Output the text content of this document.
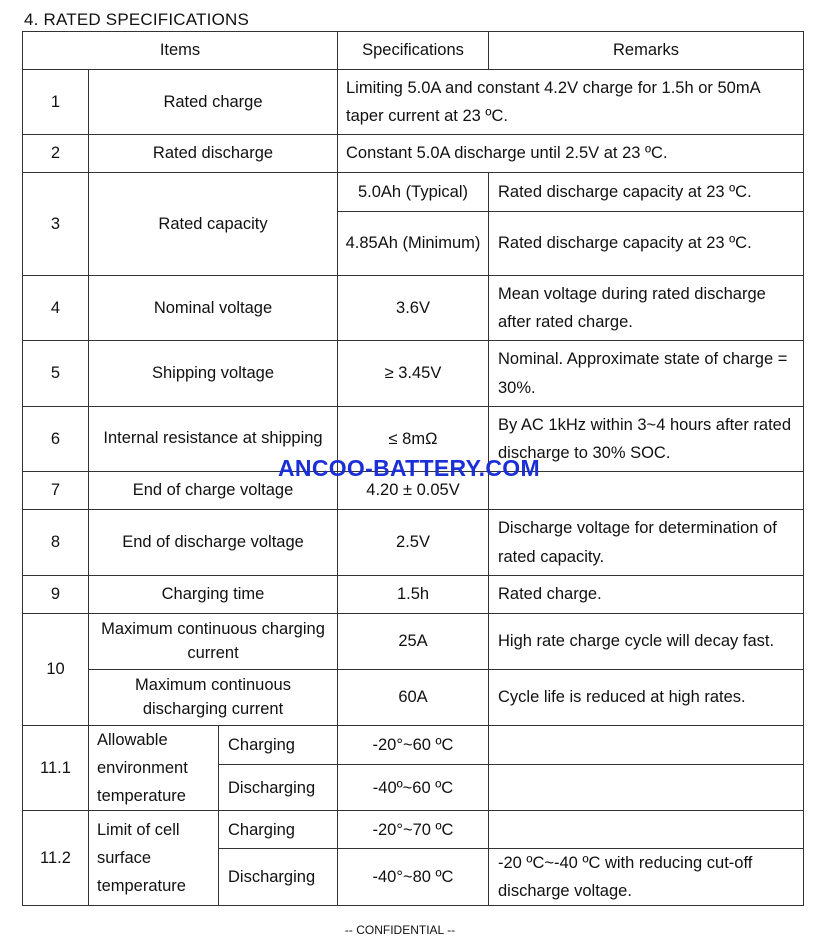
4. RATED SPECIFICATIONS
Items			Specifications	Remarks
1	Rated charge		Limiting 5.0A and constant 4.2V charge for 1.5h or 50mA taper current at 23 ºC.	
2	Rated discharge		Constant 5.0A discharge until 2.5V at 23 ºC.	
3	Rated capacity		5.0Ah (Typical)	Rated discharge capacity at 23 ºC.
			4.85Ah (Minimum)	Rated discharge capacity at 23 ºC.
4	Nominal voltage		3.6V	Mean voltage during rated discharge after rated charge.
5	Shipping voltage		≥ 3.45V	Nominal. Approximate state of charge = 30%.
6	Internal resistance at shipping		≤ 8mΩ	By AC 1kHz within 3~4 hours after rated discharge to 30% SOC.
7	End of charge voltage		4.20 ± 0.05V	
8	End of discharge voltage		2.5V	Discharge voltage for determination of rated capacity.
9	Charging time		1.5h	Rated charge.
10	Maximum continuous charging current		25A	High rate charge cycle will decay fast.
	Maximum continuous discharging current		60A	Cycle life is reduced at high rates.
11.1	Allowable environment temperature	Charging	-20°~60 ºC	
		Discharging	-40º~60 ºC	
11.2	Limit of cell surface temperature	Charging	-20°~70 ºC	
		Discharging	-40°~80 ºC	-20 ºC~-40 ºC with reducing cut-off discharge voltage.
ANCOO-BATTERY.COM
-- CONFIDENTIAL --
